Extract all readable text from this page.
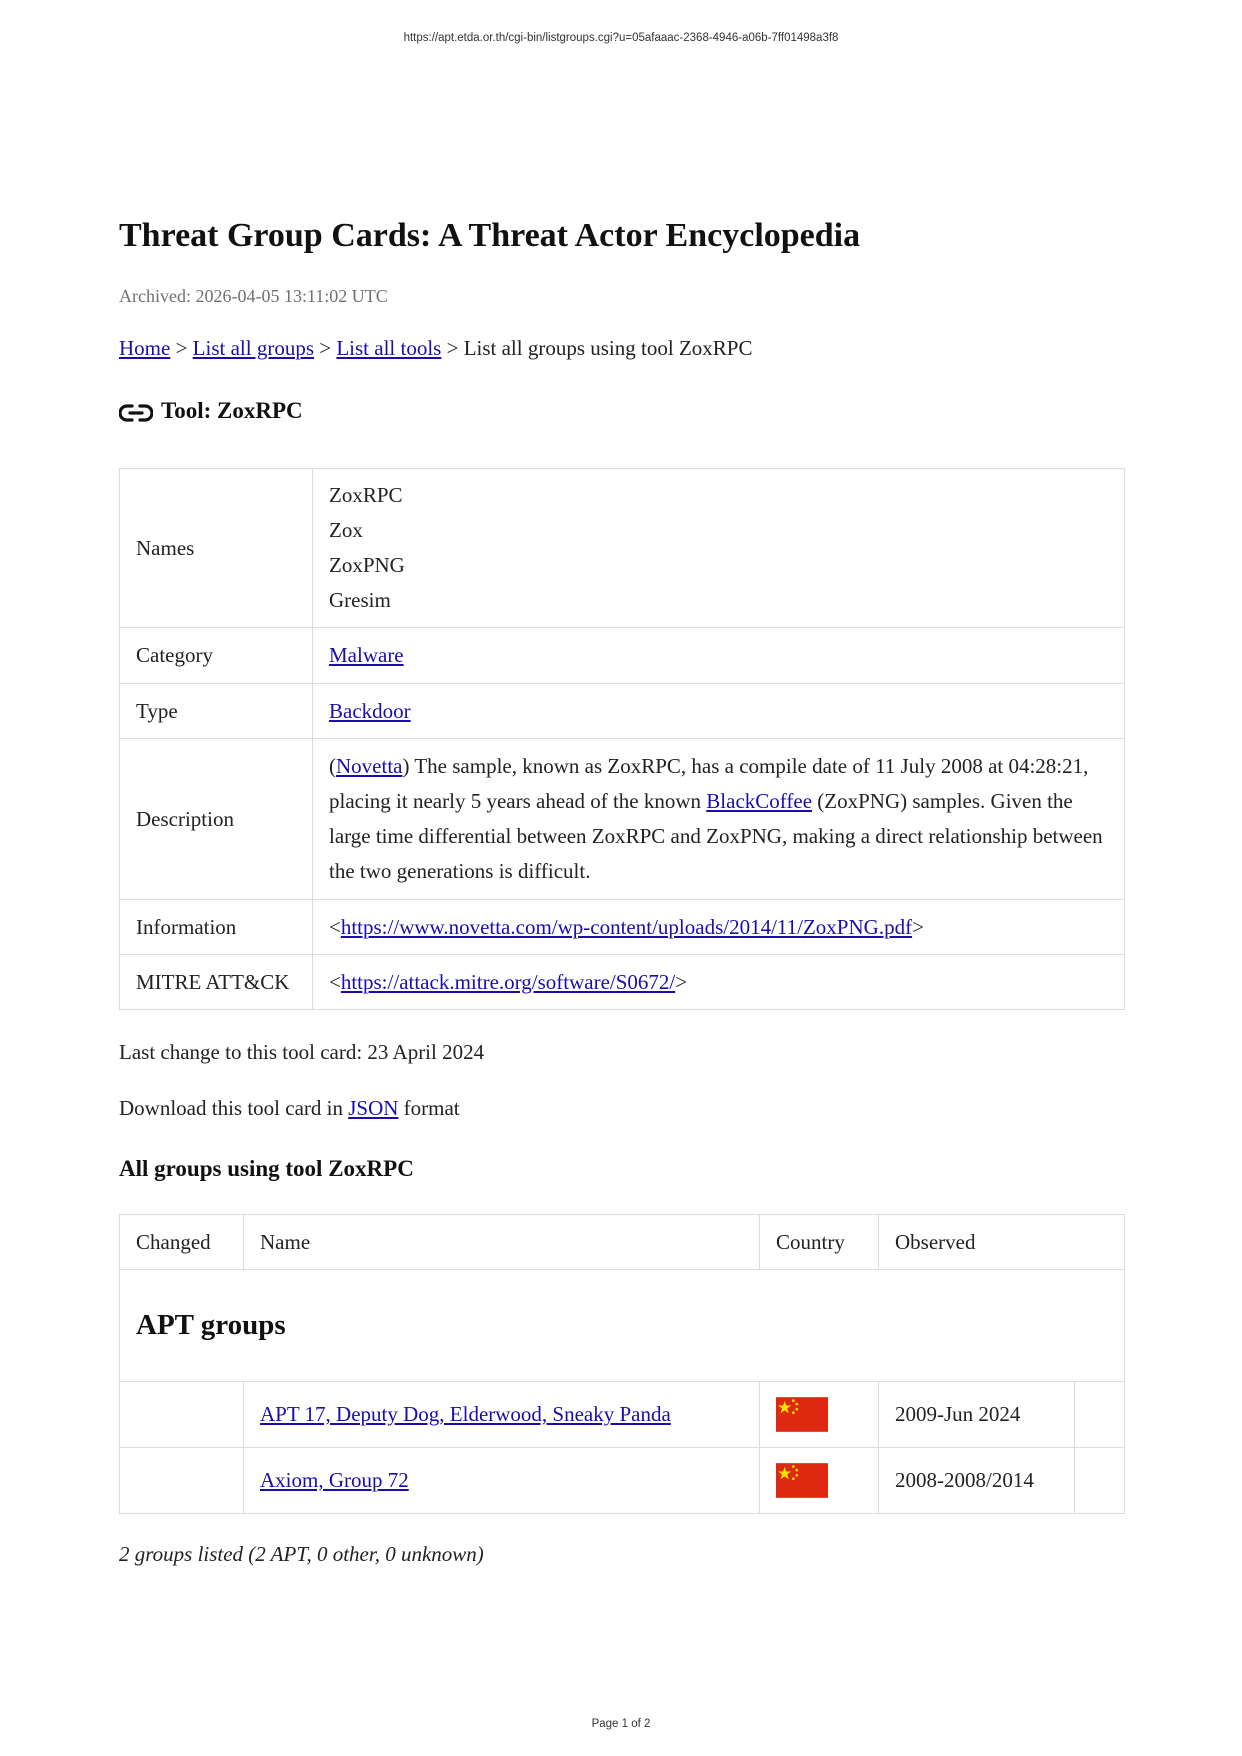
https://apt.etda.or.th/cgi-bin/listgroups.cgi?u=05afaaac-2368-4946-a06b-7ff01498a3f8
Threat Group Cards: A Threat Actor Encyclopedia
Archived: 2026-04-05 13:11:02 UTC
Home > List all groups > List all tools > List all groups using tool ZoxRPC
Tool: ZoxRPC
Names	ZoxRPC
Zox
ZoxPNG
Gresim

Category	Malware
Type	Backdoor
Description	(Novetta) The sample, known as ZoxRPC, has a compile date of 11 July 2008 at 04:28:21, placing it nearly 5 years ahead of the known BlackCoffee (ZoxPNG) samples. Given the large time differential between ZoxRPC and ZoxPNG, making a direct relationship between the two generations is difficult.
Information	<https://www.novetta.com/wp-content/uploads/2014/11/ZoxPNG.pdf>
MITRE ATT&CK	<https://attack.mitre.org/software/S0672/>
Last change to this tool card: 23 April 2024
Download this tool card in JSON format
All groups using tool ZoxRPC
Changed	Name	Country	Observed	
APT groups				
	APT 17, Deputy Dog, Elderwood, Sneaky Panda		2009-Jun 2024	
	Axiom, Group 72		2008-2008/2014	
2 groups listed (2 APT, 0 other, 0 unknown)
Page 1 of 2
